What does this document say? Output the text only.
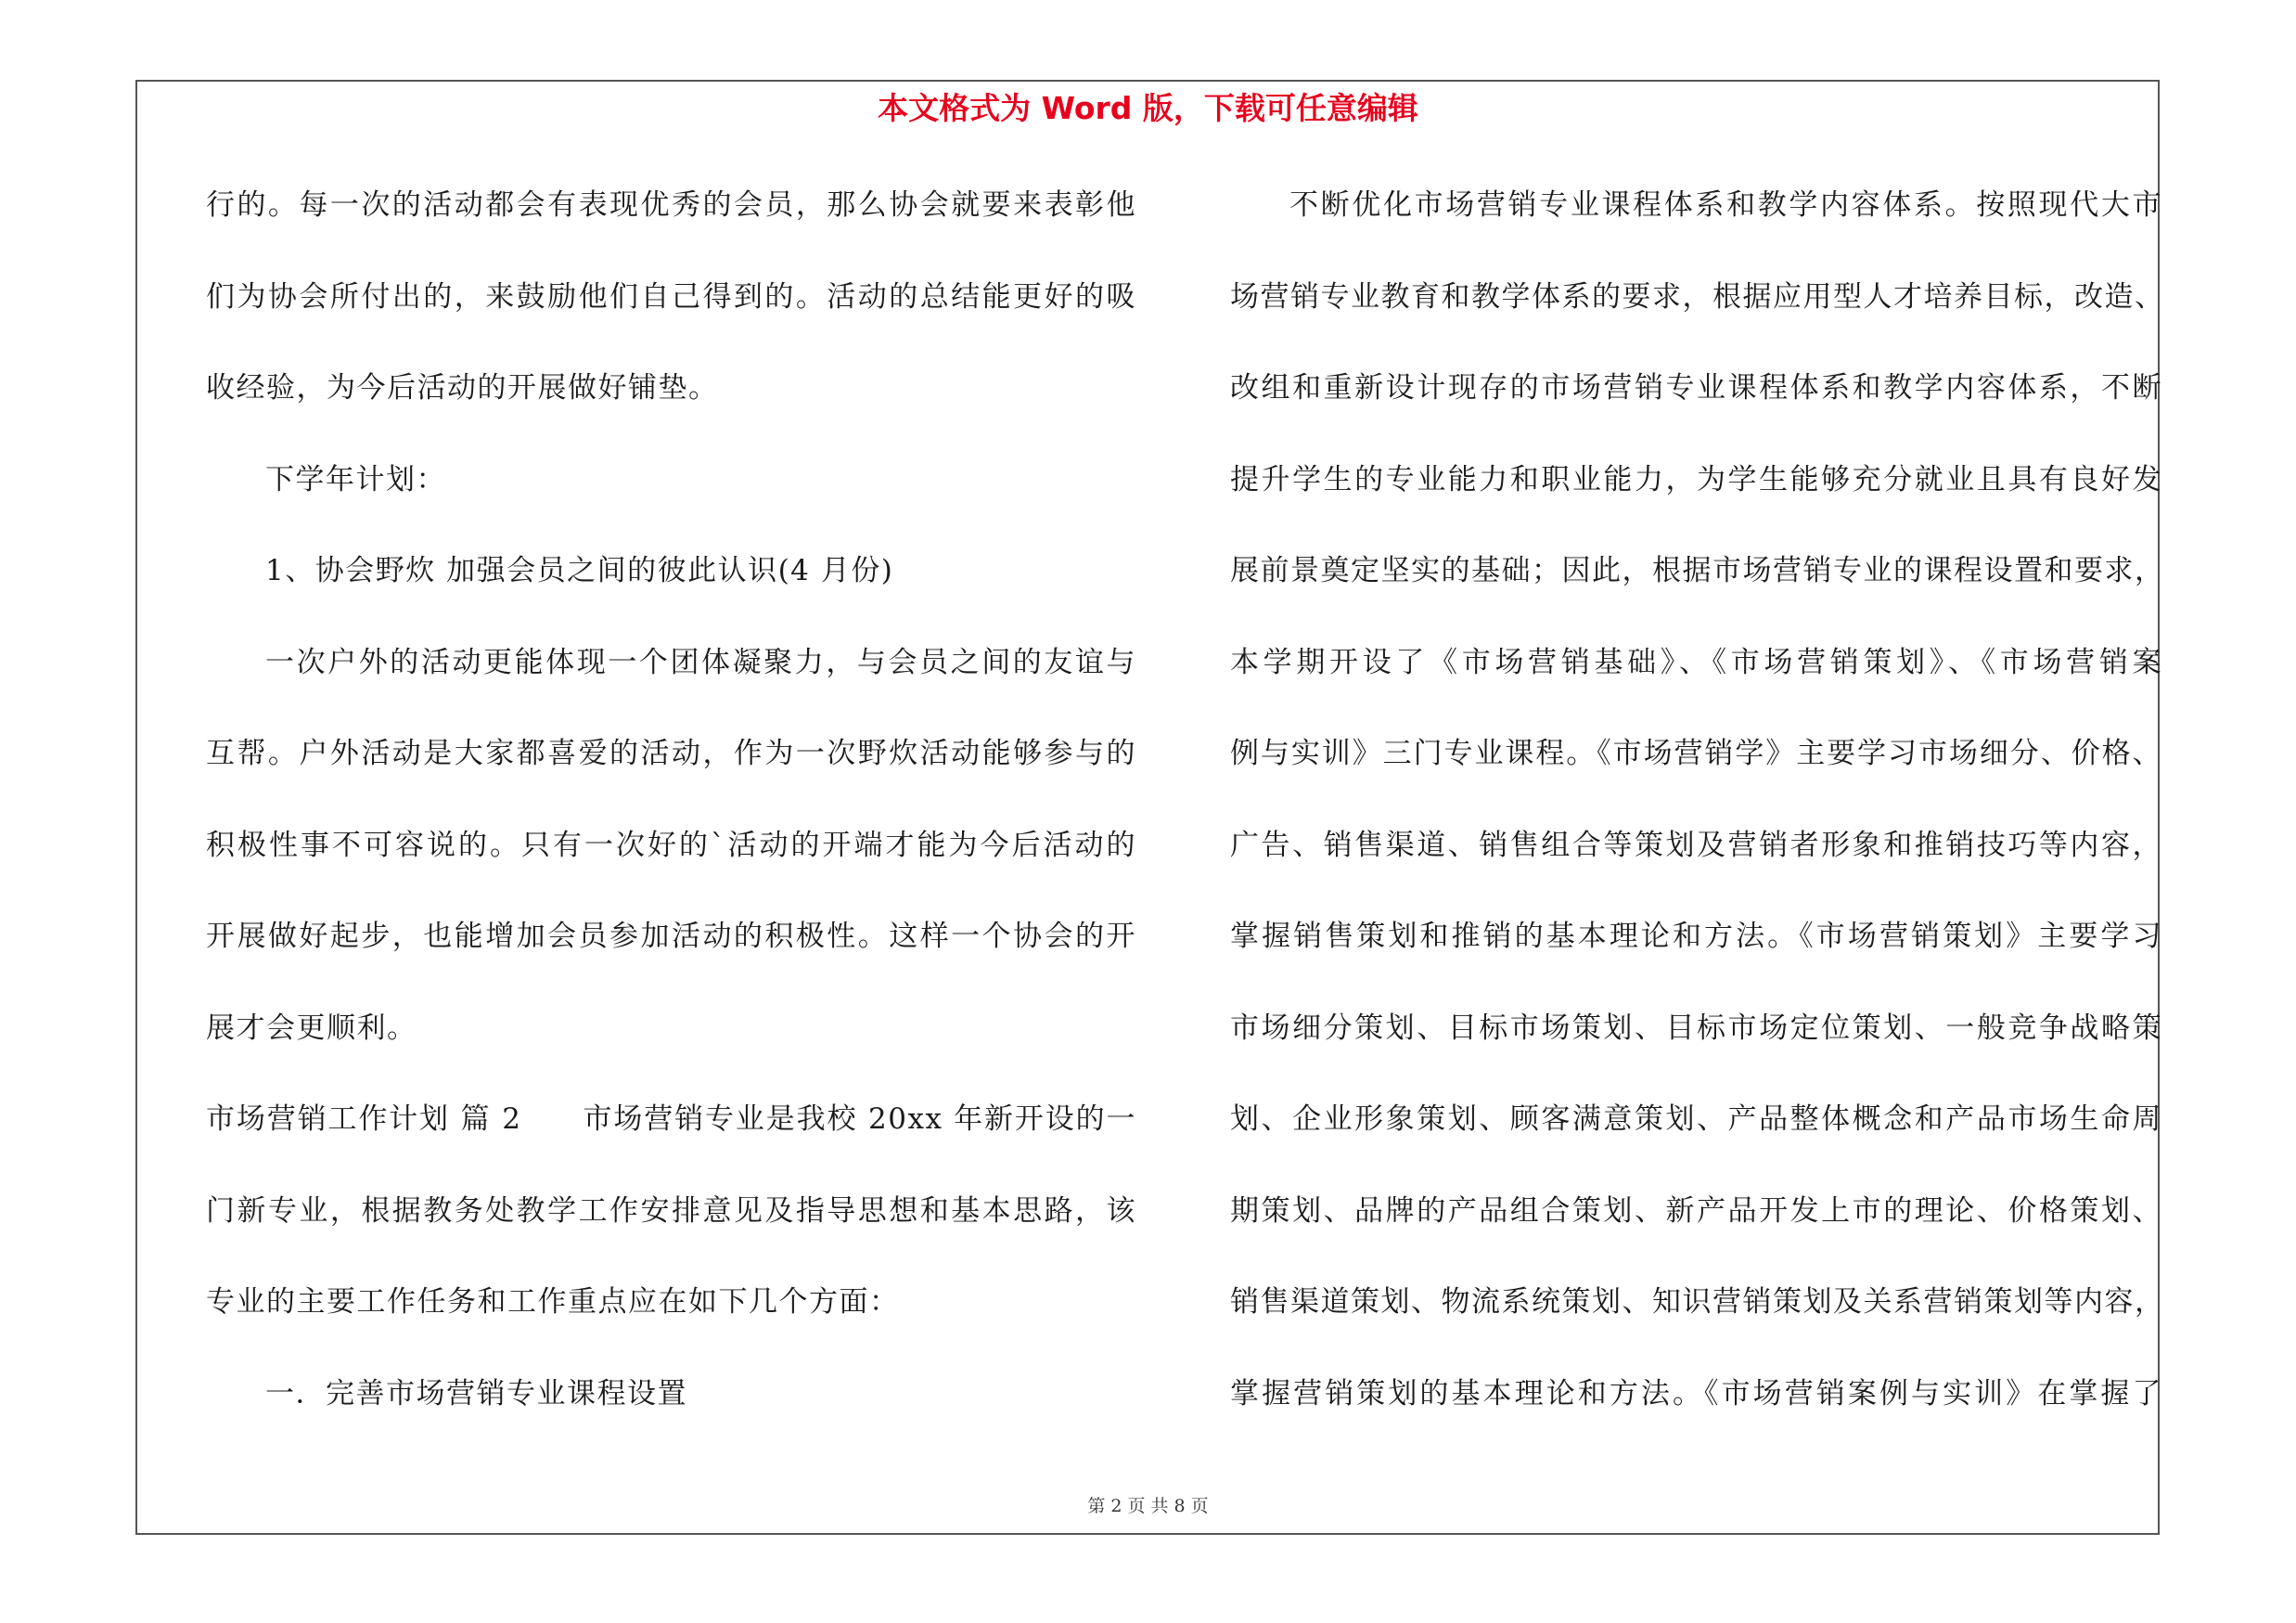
本文格式为 Word 版，下载可任意编辑
行的。每一次的活动都会有表现优秀的会员，那么协会就要来表彰他
们为协会所付出的，来鼓励他们自己得到的。活动的总结能更好的吸
收经验，为今后活动的开展做好铺垫。
下学年计划：
1、协会野炊 加强会员之间的彼此认识(4 月份)
一次户外的活动更能体现一个团体凝聚力，与会员之间的友谊与
互帮。户外活动是大家都喜爱的活动，作为一次野炊活动能够参与的
积极性事不可容说的。只有一次好的`活动的开端才能为今后活动的
开展做好起步，也能增加会员参加活动的积极性。这样一个协会的开
展才会更顺利。
市场营销工作计划 篇 2　　市场营销专业是我校 20xx 年新开设的一
门新专业，根据教务处教学工作安排意见及指导思想和基本思路，该
专业的主要工作任务和工作重点应在如下几个方面：
一．完善市场营销专业课程设置
不断优化市场营销专业课程体系和教学内容体系。按照现代大市
场营销专业教育和教学体系的要求，根据应用型人才培养目标，改造、
改组和重新设计现存的市场营销专业课程体系和教学内容体系，不断
提升学生的专业能力和职业能力，为学生能够充分就业且具有良好发
展前景奠定坚实的基础；因此，根据市场营销专业的课程设置和要求，
本学期开设了《市场营销基础》、《市场营销策划》、《市场营销案
例与实训》三门专业课程。《市场营销学》主要学习市场细分、价格、
广告、销售渠道、销售组合等策划及营销者形象和推销技巧等内容，
掌握销售策划和推销的基本理论和方法。《市场营销策划》主要学习
市场细分策划、目标市场策划、目标市场定位策划、一般竞争战略策
划、企业形象策划、顾客满意策划、产品整体概念和产品市场生命周
期策划、品牌的产品组合策划、新产品开发上市的理论、价格策划、
销售渠道策划、物流系统策划、知识营销策划及关系营销策划等内容，
掌握营销策划的基本理论和方法。《市场营销案例与实训》在掌握了
第 2 页 共 8 页
